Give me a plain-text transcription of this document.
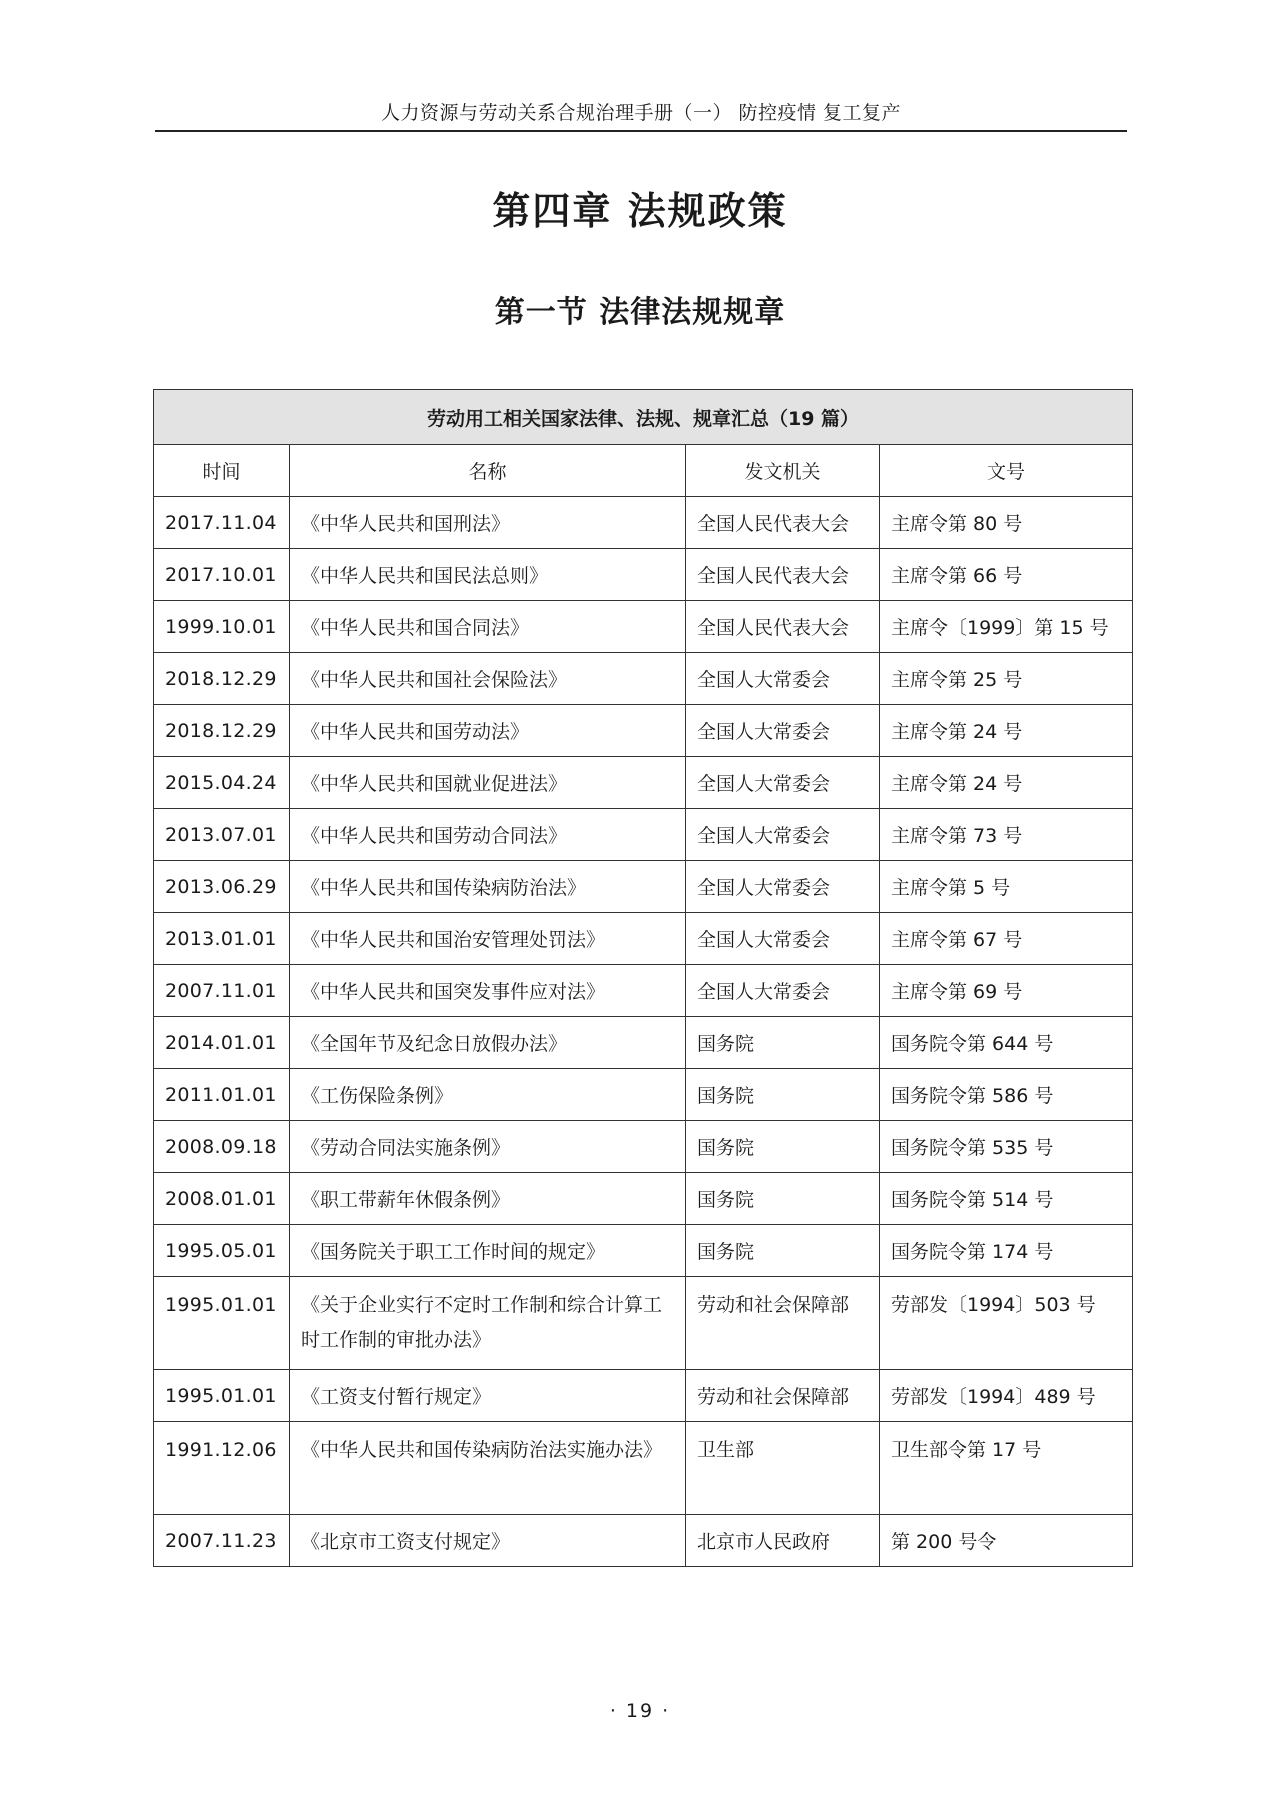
人力资源与劳动关系合规治理手册（一） 防控疫情 复工复产
第四章 法规政策
第一节 法律法规规章
劳动用工相关国家法律、法规、规章汇总（19 篇）			
时间	名称	发文机关	文号
2017.11.04	《中华人民共和国刑法》	全国人民代表大会	主席令第 80 号
2017.10.01	《中华人民共和国民法总则》	全国人民代表大会	主席令第 66 号
1999.10.01	《中华人民共和国合同法》	全国人民代表大会	主席令〔1999〕第 15 号
2018.12.29	《中华人民共和国社会保险法》	全国人大常委会	主席令第 25 号
2018.12.29	《中华人民共和国劳动法》	全国人大常委会	主席令第 24 号
2015.04.24	《中华人民共和国就业促进法》	全国人大常委会	主席令第 24 号
2013.07.01	《中华人民共和国劳动合同法》	全国人大常委会	主席令第 73 号
2013.06.29	《中华人民共和国传染病防治法》	全国人大常委会	主席令第 5 号
2013.01.01	《中华人民共和国治安管理处罚法》	全国人大常委会	主席令第 67 号
2007.11.01	《中华人民共和国突发事件应对法》	全国人大常委会	主席令第 69 号
2014.01.01	《全国年节及纪念日放假办法》	国务院	国务院令第 644 号
2011.01.01	《工伤保险条例》	国务院	国务院令第 586 号
2008.09.18	《劳动合同法实施条例》	国务院	国务院令第 535 号
2008.01.01	《职工带薪年休假条例》	国务院	国务院令第 514 号
1995.05.01	《国务院关于职工工作时间的规定》	国务院	国务院令第 174 号
1995.01.01	《关于企业实行不定时工作制和综合计算工时工作制的审批办法》	劳动和社会保障部	劳部发〔1994〕503 号
1995.01.01	《工资支付暂行规定》	劳动和社会保障部	劳部发〔1994〕489 号
1991.12.06	《中华人民共和国传染病防治法实施办法》	卫生部	卫生部令第 17 号
2007.11.23	《北京市工资支付规定》	北京市人民政府	第 200 号令
· 19 ·
